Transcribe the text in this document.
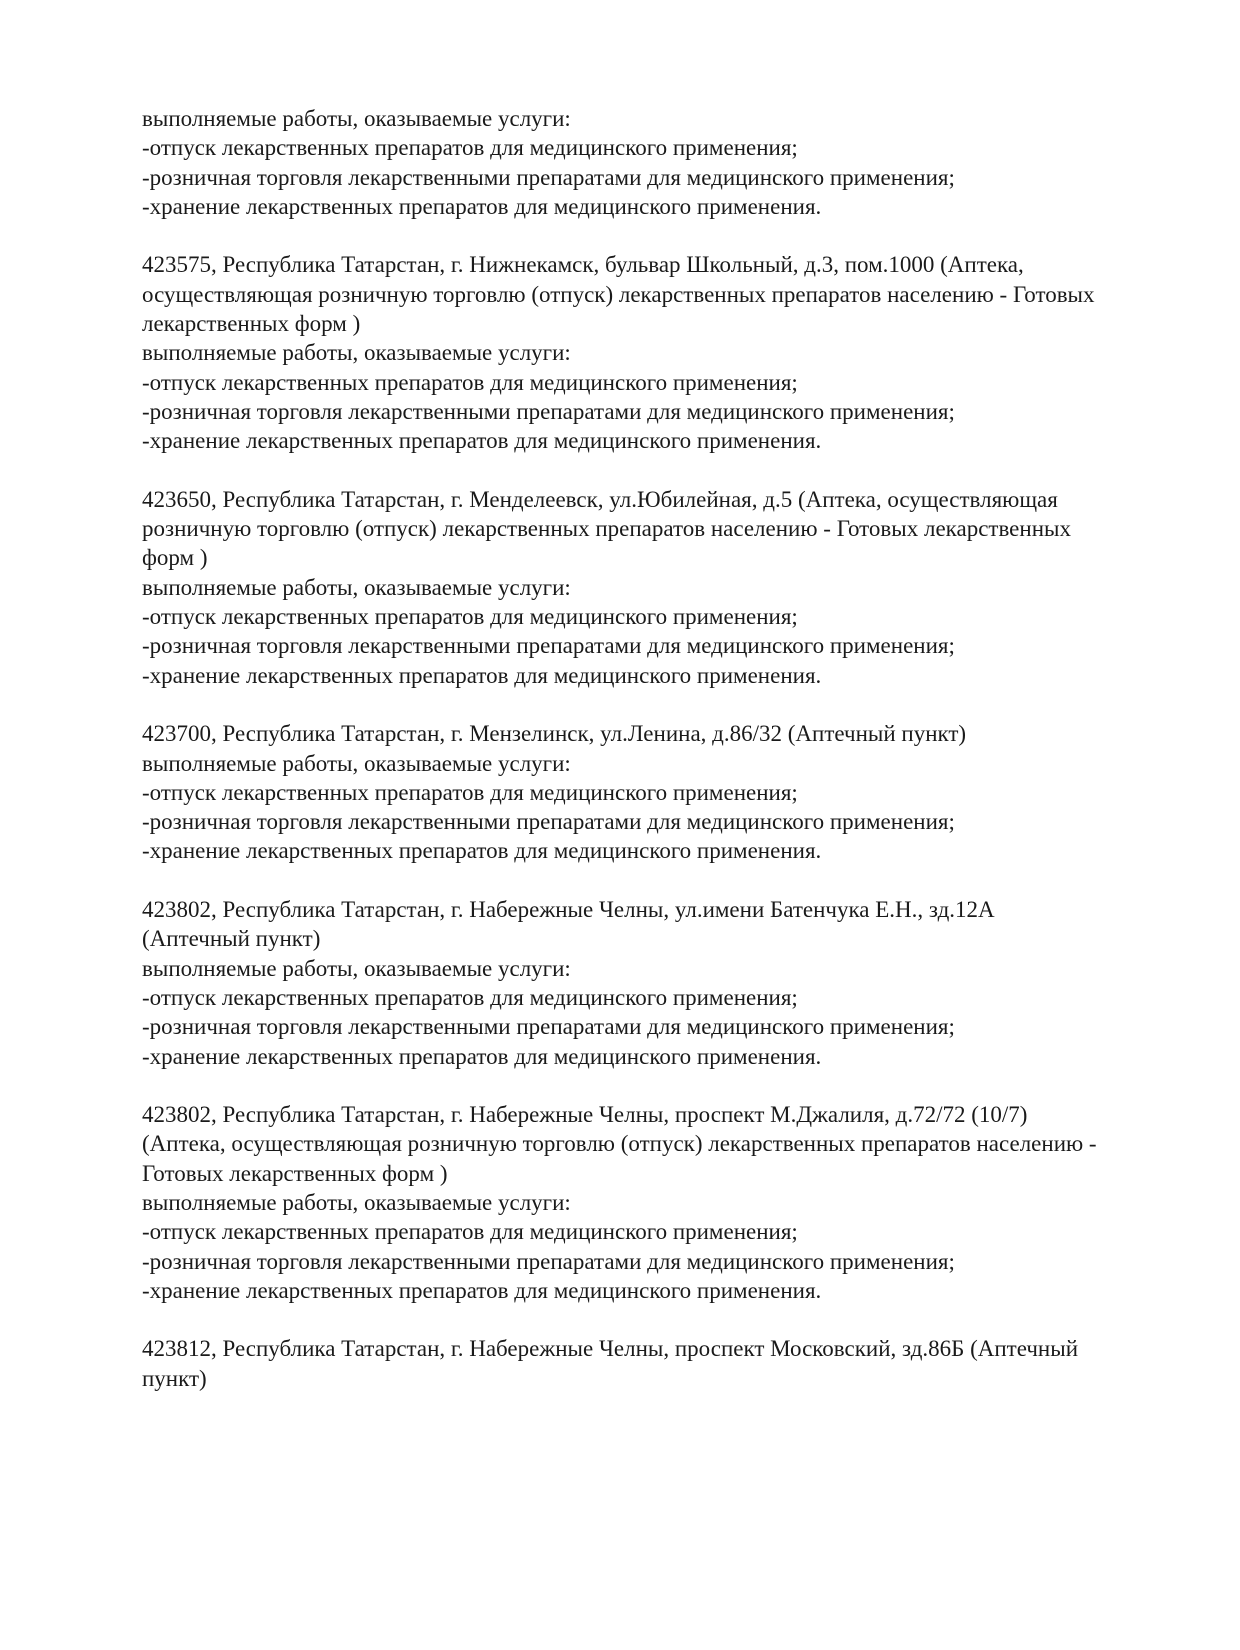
выполняемые работы, оказываемые услуги:
-отпуск лекарственных препаратов для медицинского применения;
-розничная торговля лекарственными препаратами для медицинского применения;
-хранение лекарственных препаратов для медицинского применения.
423575, Республика Татарстан, г. Нижнекамск, бульвар Школьный, д.3, пом.1000 (Аптека,
осуществляющая розничную торговлю (отпуск) лекарственных препаратов населению - Готовых
лекарственных форм )
выполняемые работы, оказываемые услуги:
-отпуск лекарственных препаратов для медицинского применения;
-розничная торговля лекарственными препаратами для медицинского применения;
-хранение лекарственных препаратов для медицинского применения.
423650, Республика Татарстан, г. Менделеевск, ул.Юбилейная, д.5 (Аптека, осуществляющая
розничную торговлю (отпуск) лекарственных препаратов населению - Готовых лекарственных
форм )
выполняемые работы, оказываемые услуги:
-отпуск лекарственных препаратов для медицинского применения;
-розничная торговля лекарственными препаратами для медицинского применения;
-хранение лекарственных препаратов для медицинского применения.
423700, Республика Татарстан, г. Мензелинск, ул.Ленина, д.86/32 (Аптечный пункт)
выполняемые работы, оказываемые услуги:
-отпуск лекарственных препаратов для медицинского применения;
-розничная торговля лекарственными препаратами для медицинского применения;
-хранение лекарственных препаратов для медицинского применения.
423802, Республика Татарстан, г. Набережные Челны, ул.имени Батенчука Е.Н., зд.12А
(Аптечный пункт)
выполняемые работы, оказываемые услуги:
-отпуск лекарственных препаратов для медицинского применения;
-розничная торговля лекарственными препаратами для медицинского применения;
-хранение лекарственных препаратов для медицинского применения.
423802, Республика Татарстан, г. Набережные Челны, проспект М.Джалиля, д.72/72 (10/7)
(Аптека, осуществляющая розничную торговлю (отпуск) лекарственных препаратов населению -
Готовых лекарственных форм )
выполняемые работы, оказываемые услуги:
-отпуск лекарственных препаратов для медицинского применения;
-розничная торговля лекарственными препаратами для медицинского применения;
-хранение лекарственных препаратов для медицинского применения.
423812, Республика Татарстан, г. Набережные Челны, проспект Московский, зд.86Б (Аптечный
пункт)
